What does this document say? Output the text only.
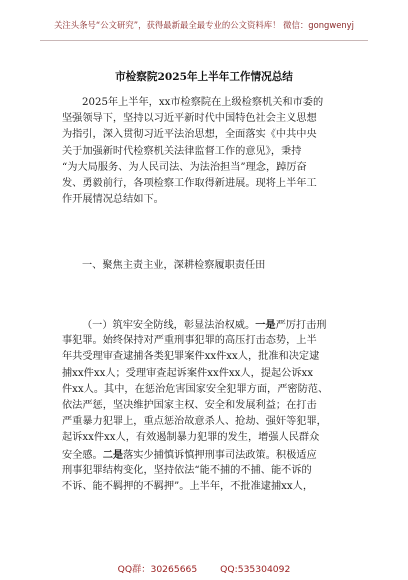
关注头条号“公文研究”，获得最新最全最专业的公文资料库！ 微信：gongwenyj
市检察院2025年上半年工作情况总结
2025年上半年，xx市检察院在上级检察机关和市委的
坚强领导下，坚持以习近平新时代中国特色社会主义思想
为指引，深入贯彻习近平法治思想，全面落实《中共中央
关于加强新时代检察机关法律监督工作的意见》，秉持
“为大局服务、为人民司法、为法治担当”理念，踔厉奋
发、勇毅前行，各项检察工作取得新进展。现将上半年工
作开展情况总结如下。
一、聚焦主责主业，深耕检察履职责任田
（一）筑牢安全防线，彰显法治权威。一是严厉打击刑
事犯罪。始终保持对严重刑事犯罪的高压打击态势，上半
年共受理审查逮捕各类犯罪案件xx件xx人，批准和决定逮
捕xx件xx人；受理审查起诉案件xx件xx人，提起公诉xx
件xx人。其中，在惩治危害国家安全犯罪方面，严密防范、
依法严惩，坚决维护国家主权、安全和发展利益；在打击
严重暴力犯罪上，重点惩治故意杀人、抢劫、强奸等犯罪，
起诉xx件xx人，有效遏制暴力犯罪的发生，增强人民群众
安全感。二是落实少捕慎诉慎押刑事司法政策。积极适应
刑事犯罪结构变化，坚持依法“能不捕的不捕、能不诉的
不诉、能不羁押的不羁押”。上半年，不批准逮捕xx人，
QQ群：30265665 QQ:535304092
